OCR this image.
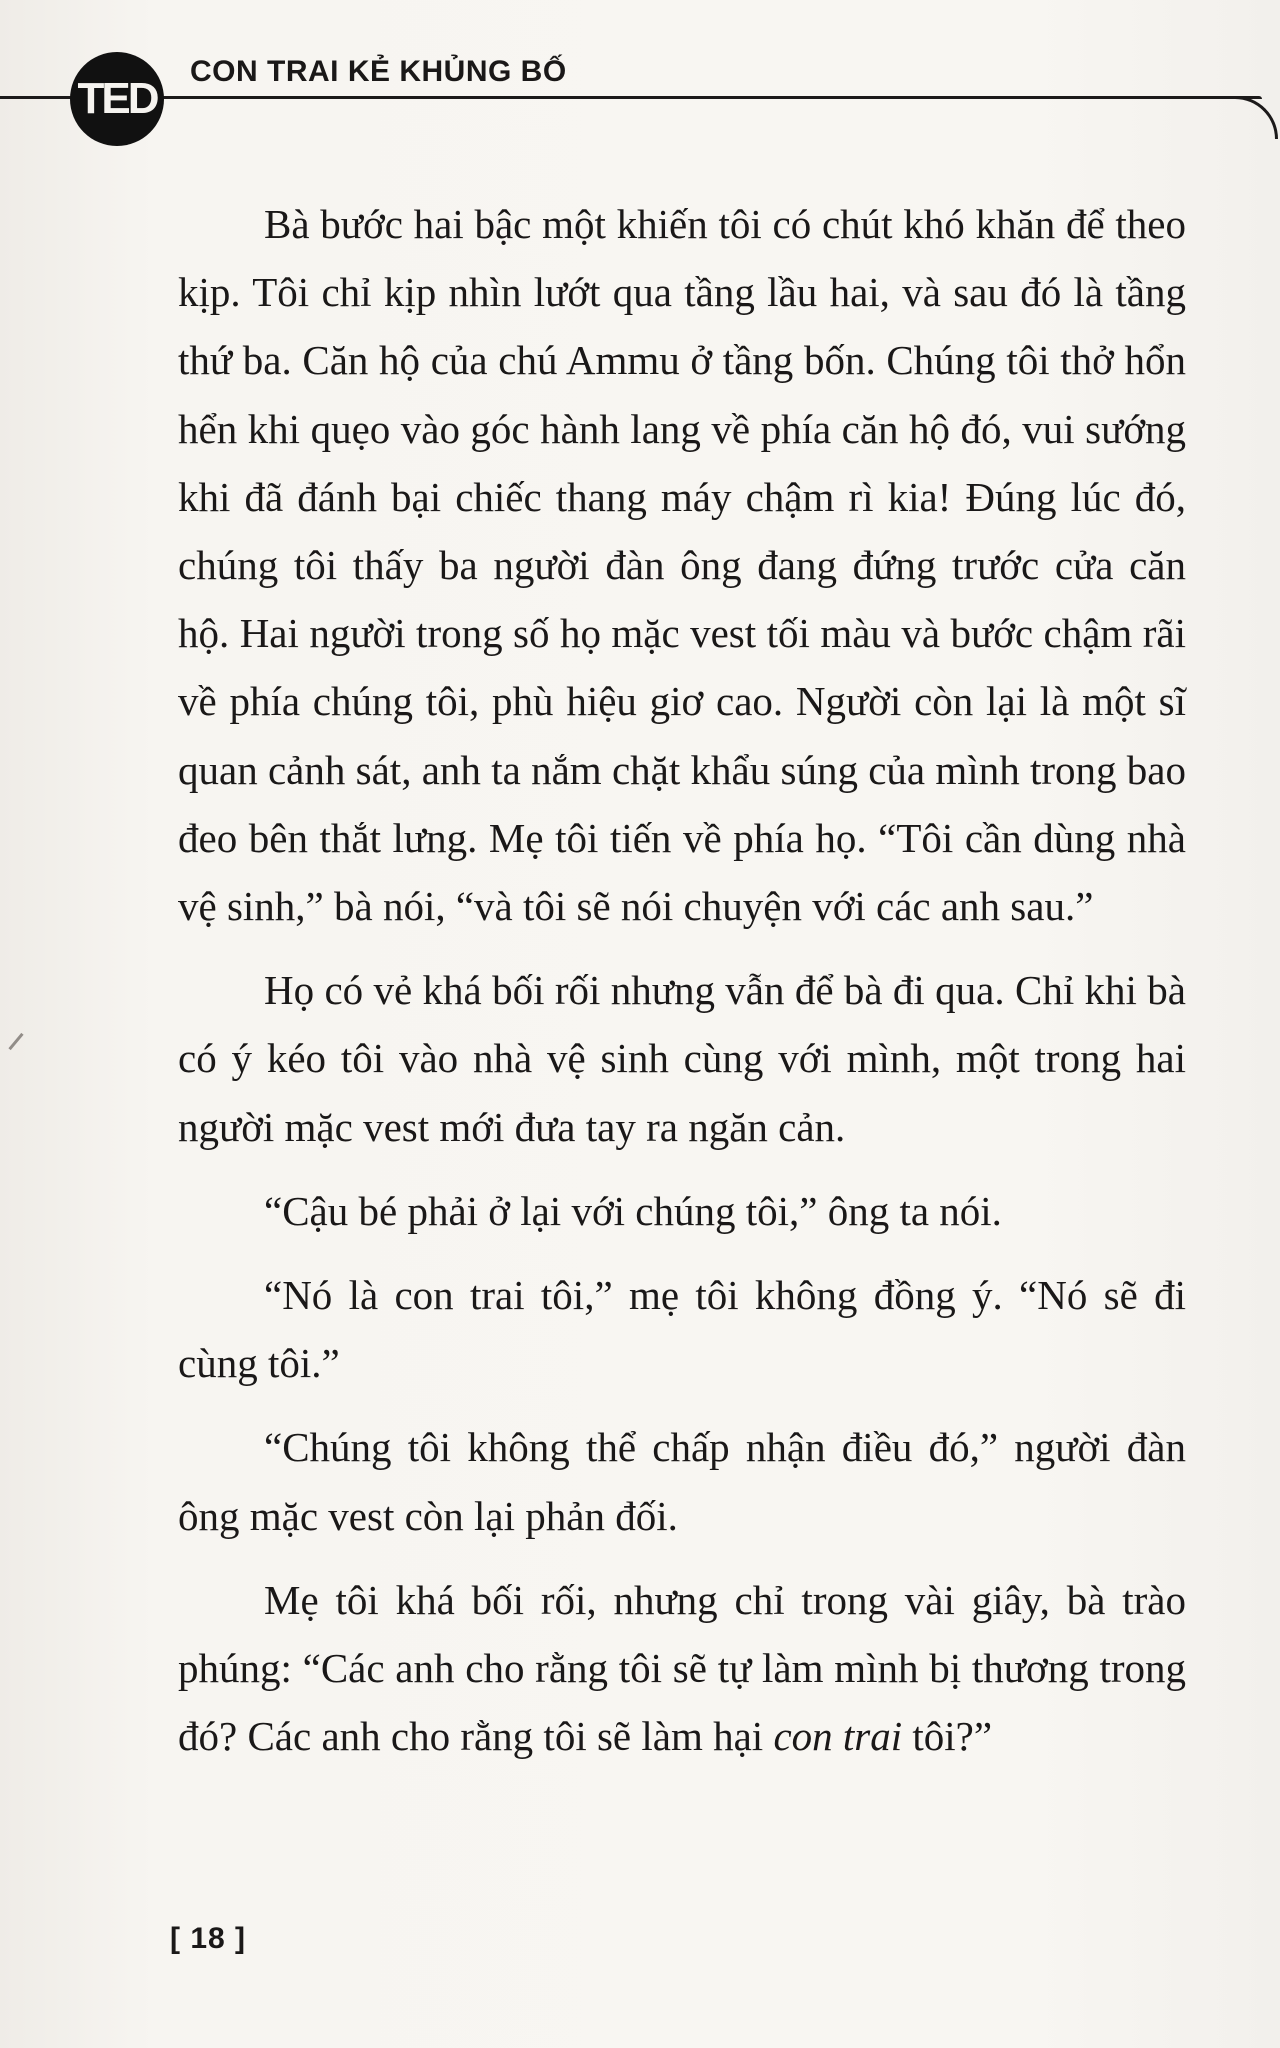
TED
CON TRAI KẺ KHỦNG BỐ

Bà bước hai bậc một khiến tôi có chút khó khăn để theo kịp. Tôi chỉ kịp nhìn lướt qua tầng lầu hai, và sau đó là tầng thứ ba. Căn hộ của chú Ammu ở tầng bốn. Chúng tôi thở hổn hển khi quẹo vào góc hành lang về phía căn hộ đó, vui sướng khi đã đánh bại chiếc thang máy chậm rì kia! Đúng lúc đó, chúng tôi thấy ba người đàn ông đang đứng trước cửa căn hộ. Hai người trong số họ mặc vest tối màu và bước chậm rãi về phía chúng tôi, phù hiệu giơ cao. Người còn lại là một sĩ quan cảnh sát, anh ta nắm chặt khẩu súng của mình trong bao đeo bên thắt lưng. Mẹ tôi tiến về phía họ. “Tôi cần dùng nhà vệ sinh,” bà nói, “và tôi sẽ nói chuyện với các anh sau.”

Họ có vẻ khá bối rối nhưng vẫn để bà đi qua. Chỉ khi bà có ý kéo tôi vào nhà vệ sinh cùng với mình, một trong hai người mặc vest mới đưa tay ra ngăn cản.

“Cậu bé phải ở lại với chúng tôi,” ông ta nói.

“Nó là con trai tôi,” mẹ tôi không đồng ý. “Nó sẽ đi cùng tôi.”

“Chúng tôi không thể chấp nhận điều đó,” người đàn ông mặc vest còn lại phản đối.

Mẹ tôi khá bối rối, nhưng chỉ trong vài giây, bà trào phúng: “Các anh cho rằng tôi sẽ tự làm mình bị thương trong đó? Các anh cho rằng tôi sẽ làm hại con trai tôi?”

[ 18 ]
